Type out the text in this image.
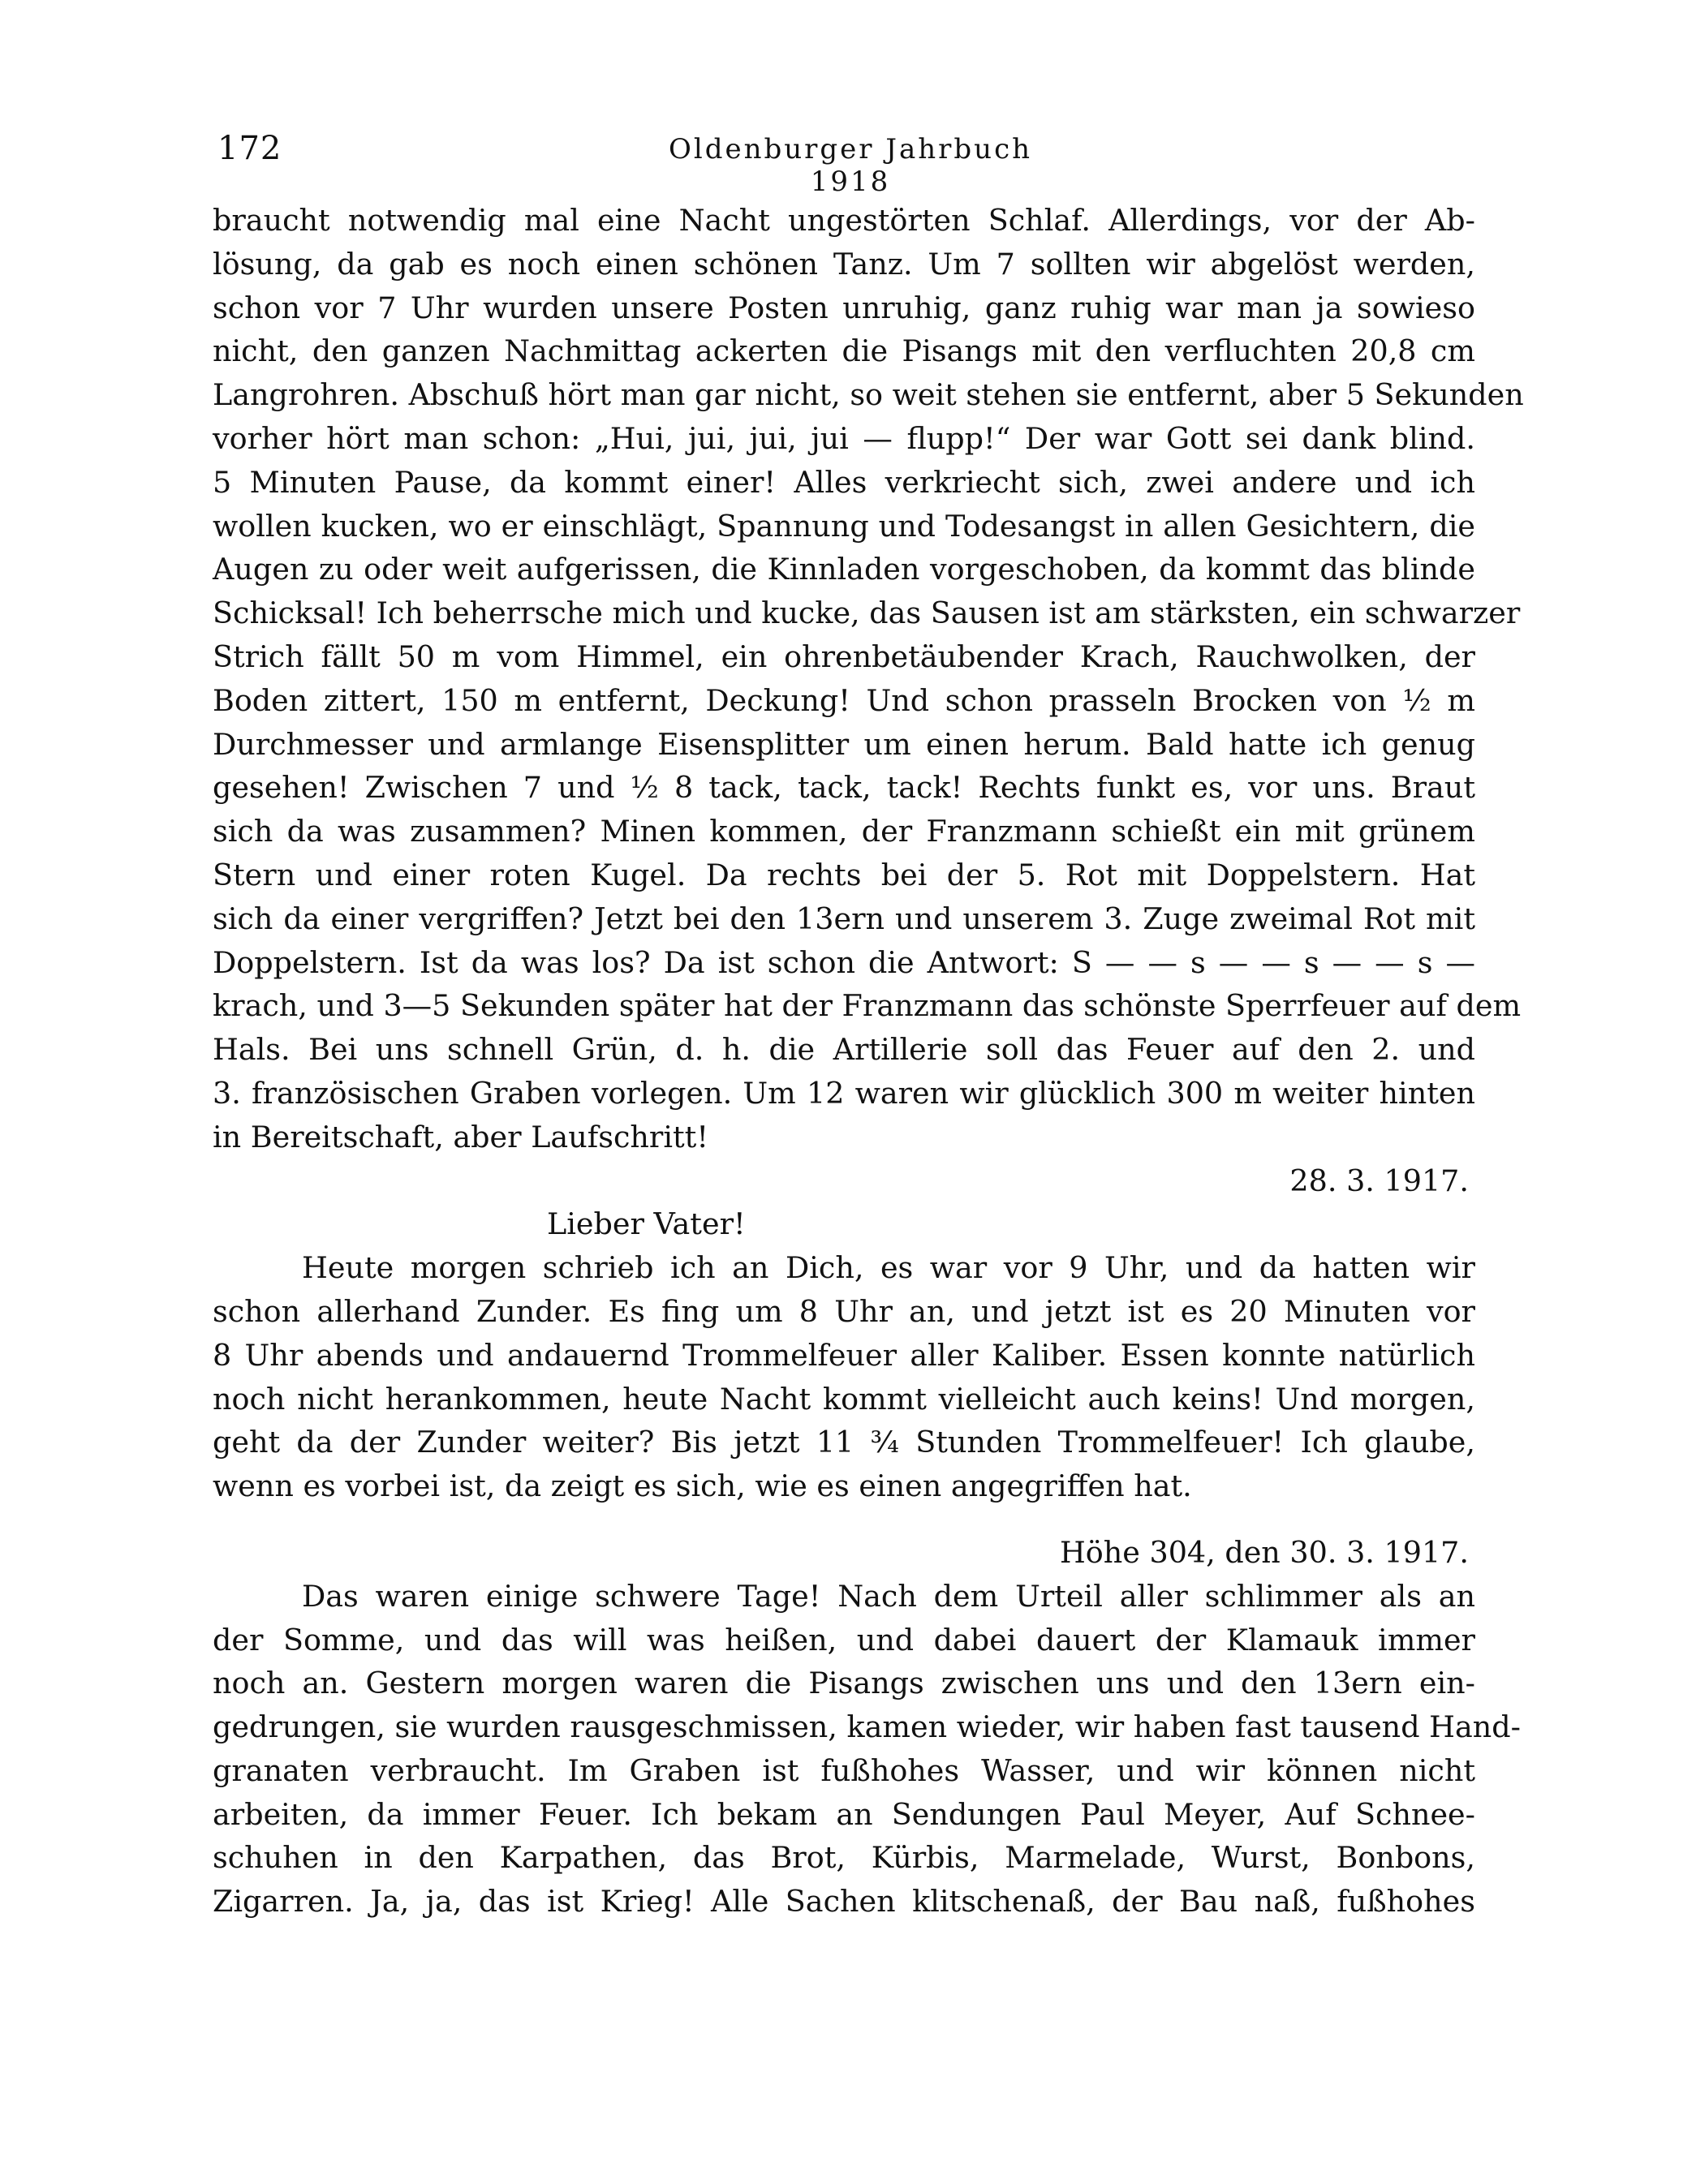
172	Oldenburger Jahrbuch 1918
braucht notwendig mal eine Nacht ungestörten Schlaf. Allerdings, vor der Ab-
lösung, da gab es noch einen schönen Tanz. Um 7 sollten wir abgelöst werden,
schon vor 7 Uhr wurden unsere Posten unruhig, ganz ruhig war man ja sowieso
nicht, den ganzen Nachmittag ackerten die Pisangs mit den verfluchten 20,8 cm
Langrohren. Abschuß hört man gar nicht, so weit stehen sie entfernt, aber 5 Sekunden
vorher hört man schon: „Hui, jui, jui, jui — flupp!“ Der war Gott sei dank blind.
5 Minuten Pause, da kommt einer! Alles verkriecht sich, zwei andere und ich
wollen kucken, wo er einschlägt, Spannung und Todesangst in allen Gesichtern, die
Augen zu oder weit aufgerissen, die Kinnladen vorgeschoben, da kommt das blinde
Schicksal! Ich beherrsche mich und kucke, das Sausen ist am stärksten, ein schwarzer
Strich fällt 50 m vom Himmel, ein ohrenbetäubender Krach, Rauchwolken, der
Boden zittert, 150 m entfernt, Deckung! Und schon prasseln Brocken von ½ m
Durchmesser und armlange Eisensplitter um einen herum. Bald hatte ich genug
gesehen! Zwischen 7 und ½ 8 tack, tack, tack! Rechts funkt es, vor uns. Braut
sich da was zusammen? Minen kommen, der Franzmann schießt ein mit grünem
Stern und einer roten Kugel. Da rechts bei der 5. Rot mit Doppelstern. Hat
sich da einer vergriffen? Jetzt bei den 13ern und unserem 3. Zuge zweimal Rot mit
Doppelstern. Ist da was los? Da ist schon die Antwort: S — — s — — s — — s —
krach, und 3—5 Sekunden später hat der Franzmann das schönste Sperrfeuer auf dem
Hals. Bei uns schnell Grün, d. h. die Artillerie soll das Feuer auf den 2. und
3. französischen Graben vorlegen. Um 12 waren wir glücklich 300 m weiter hinten
in Bereitschaft, aber Laufschritt!
28. 3. 1917.
Lieber Vater!
Heute morgen schrieb ich an Dich, es war vor 9 Uhr, und da hatten wir
schon allerhand Zunder. Es fing um 8 Uhr an, und jetzt ist es 20 Minuten vor
8 Uhr abends und andauernd Trommelfeuer aller Kaliber. Essen konnte natürlich
noch nicht herankommen, heute Nacht kommt vielleicht auch keins! Und morgen,
geht da der Zunder weiter? Bis jetzt 11 ¾ Stunden Trommelfeuer! Ich glaube,
wenn es vorbei ist, da zeigt es sich, wie es einen angegriffen hat.
Höhe 304, den 30. 3. 1917.
Das waren einige schwere Tage! Nach dem Urteil aller schlimmer als an
der Somme, und das will was heißen, und dabei dauert der Klamauk immer
noch an. Gestern morgen waren die Pisangs zwischen uns und den 13ern ein-
gedrungen, sie wurden rausgeschmissen, kamen wieder, wir haben fast tausend Hand-
granaten verbraucht. Im Graben ist fußhohes Wasser, und wir können nicht
arbeiten, da immer Feuer. Ich bekam an Sendungen Paul Meyer, Auf Schnee-
schuhen in den Karpathen, das Brot, Kürbis, Marmelade, Wurst, Bonbons,
Zigarren. Ja, ja, das ist Krieg! Alle Sachen klitschenaß, der Bau naß, fußhohes
